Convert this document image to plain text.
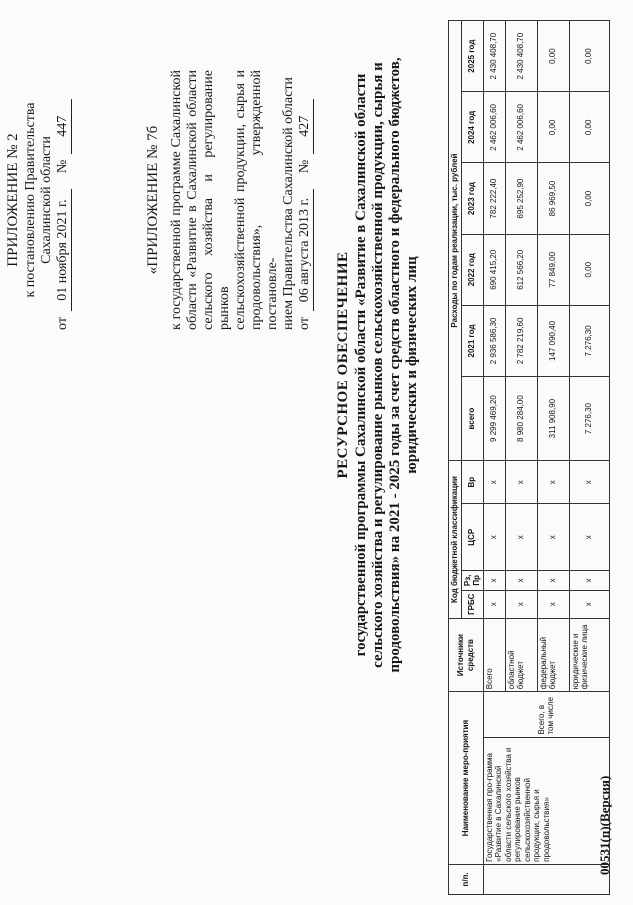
ПРИЛОЖЕНИЕ № 2 к постановлению Правительства Сахалинской области
от
01 ноября 2021 г.
№
447	«ПРИЛОЖЕНИЕ № 7б к государственной программе Сахалинской области «Развитие в Сахалинской области сельского хозяйства и регулирование рынков сельскохозяйственной продукции, сырья и продовольствия», утвержденной постановле- нием Правительства Сахалинской области от
06 августа 2013 г.
№
427
РЕСУРСНОЕ ОБЕСПЕЧЕНИЕ государственной программы Сахалинской области «Развитие в Сахалинской области сельского хозяйства и регулирование рынков сельскохозяйственной продукции, сырья и продовольствия» на 2021 - 2025 годы за счет средств областного и федерального бюджетов, юридических и физических лиц
п/п.	Наименование меро-приятия		Источники средств	Код бюджетной классификации				Расходы по годам реализации, тыс. рублей					
				ГРБС	Рз, Пр	ЦСР	Вр	всего	2021 год	2022 год	2023 год	2024 год	2025 год
	Государственная про-грамма «Развитие в Сахалинской области сельского хозяйства и регулирование рынков сельскохозяйственной продукции, сырья и продовольствия»	Всего, в том числе	Всего	х	х	х	х	9 299 469,20	2 936 586,30	690 415,20	782 222,40	2 462 006,60	2 430 408,70
			областной бюджет	х	х	х	х	8 980 284,00	2 782 219,60	612 566,20	695 252,90	2 462 006,60	2 430 408,70
			федеральный бюджет	х	х	х	х	311 908,90	147 090,40	77 849,00	86 969,50	0,00	0,00
			юридические и физические лица	х	х	х	х	7 276,30	7 276,30	0,00	0,00	0,00	0,00
00531(п)(Версия)
